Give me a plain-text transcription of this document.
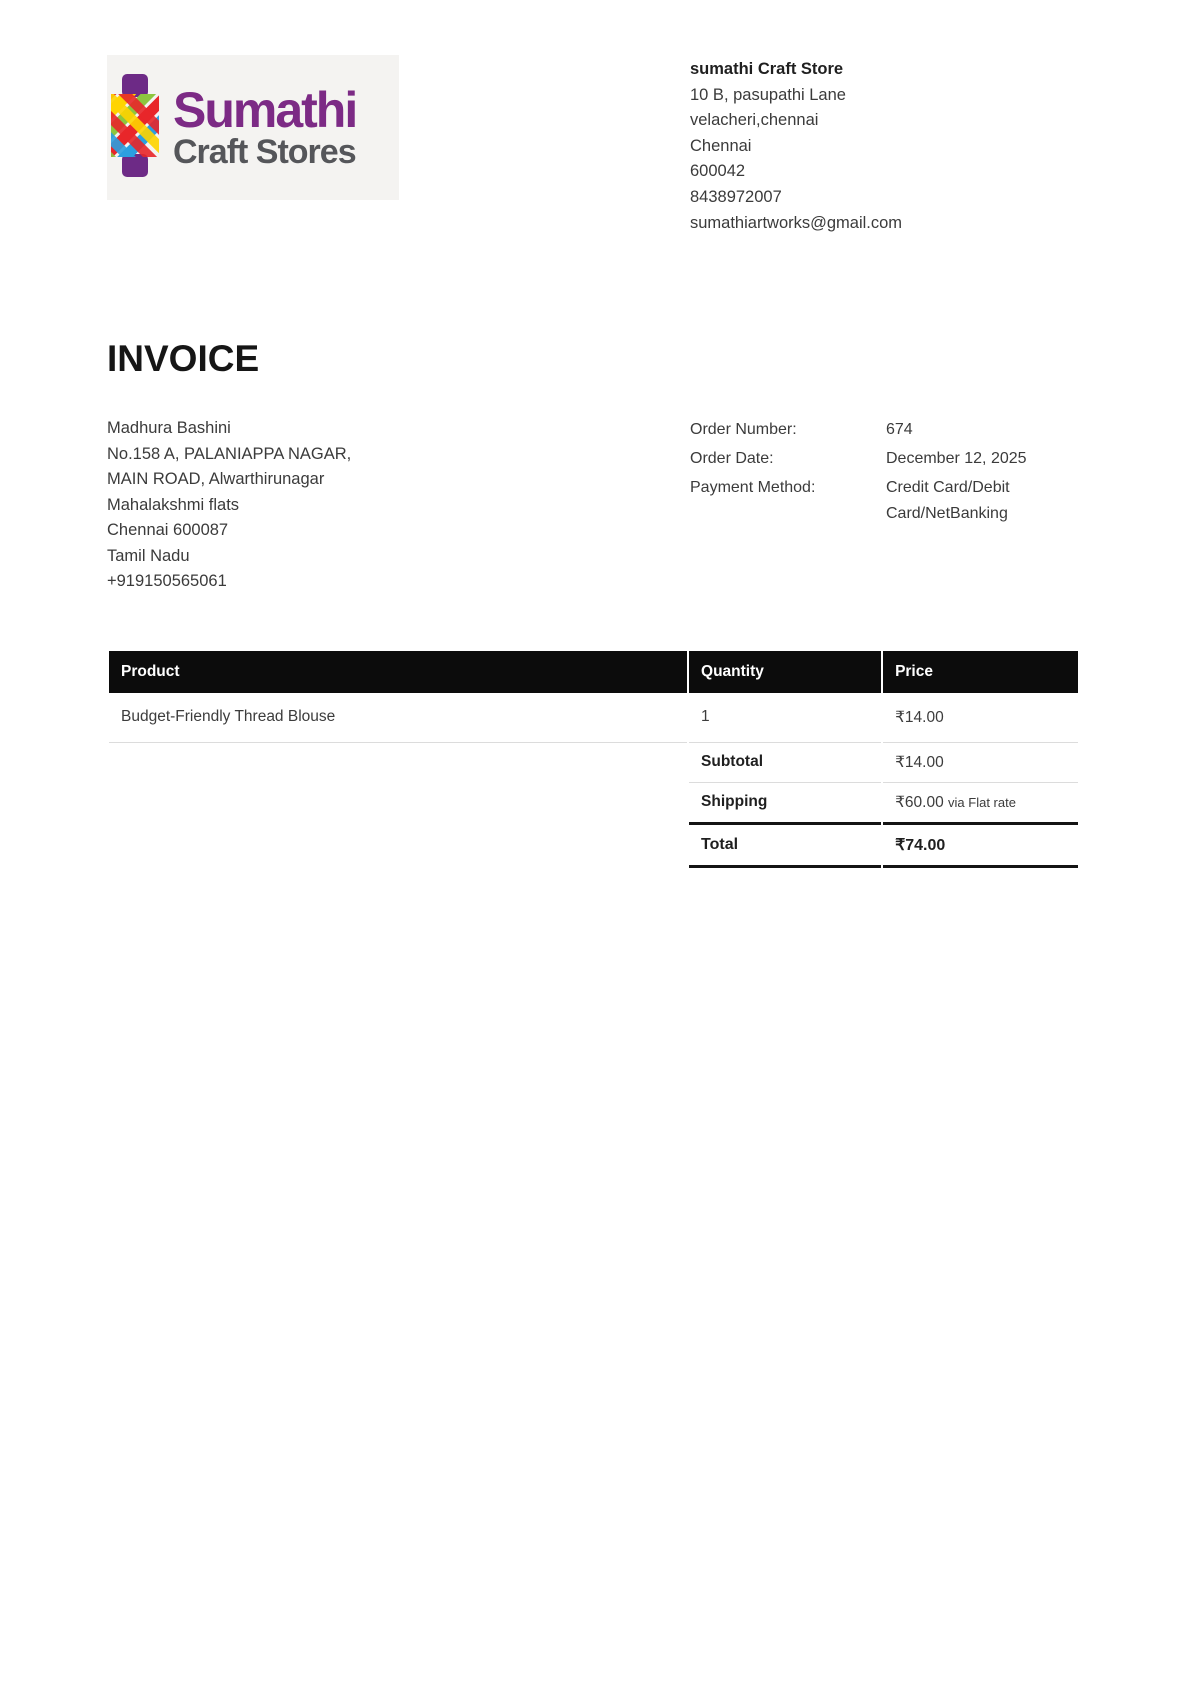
Sumathi
Craft Stores
sumathi Craft Store
10 B, pasupathi Lane
velacheri,chennai
Chennai
600042
8438972007
sumathiartworks@gmail.com
INVOICE
Madhura Bashini
No.158 A, PALANIAPPA NAGAR,
MAIN ROAD, Alwarthirunagar
Mahalakshmi flats
Chennai 600087
Tamil Nadu
+919150565061
Order Number:	674
Order Date:	December 12, 2025
Payment Method:	Credit Card/Debit Card/NetBanking
Product	Quantity	Price
Budget-Friendly Thread Blouse	1	₹14.00
	Subtotal	₹14.00
	Shipping	₹60.00 via Flat rate
	Total	₹74.00
